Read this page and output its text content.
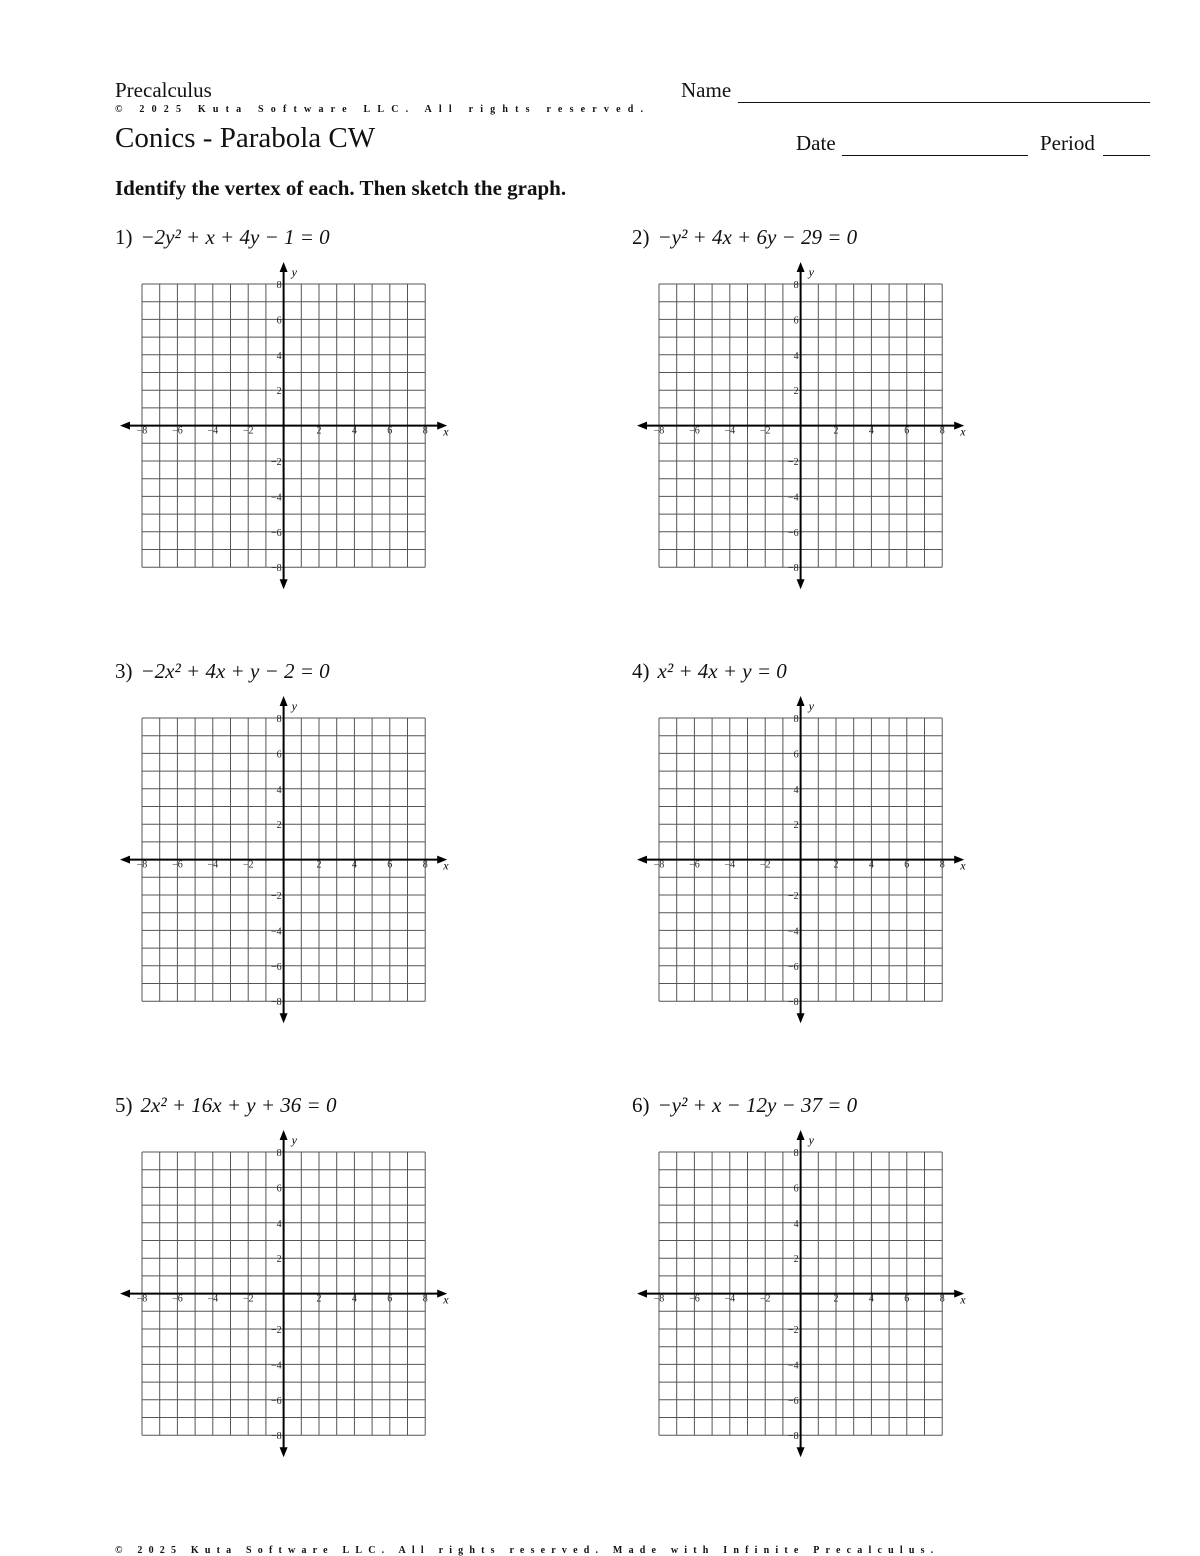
Precalculus	Name
© 2025 Kuta Software LLC. All rights reserved.
Conics - Parabola CW	Date	Period
Identify the vertex of each. Then sketch the graph.
1) −2y² + x + 4y − 1 = 0	2) −y² + 4x + 6y − 29 = 0
3) −2x² + 4x + y − 2 = 0	4) x² + 4x + y = 0
5) 2x² + 16x + y + 36 = 0	6) −y² + x − 12y − 37 = 0
−8
−8
−6
−6
−4
−4
−2
−2
2
2
4
4
6
6
8
8
x
y
−8
−8
−6
−6
−4
−4
−2
−2
2
2
4
4
6
6
8
8
x
y
−8
−8
−6
−6
−4
−4
−2
−2
2
2
4
4
6
6
8
8
x
y
−8
−8
−6
−6
−4
−4
−2
−2
2
2
4
4
6
6
8
8
x
y
−8
−8
−6
−6
−4
−4
−2
−2
2
2
4
4
6
6
8
8
x
y
−8
−8
−6
−6
−4
−4
−2
−2
2
2
4
4
6
6
8
8
x
y
© 2025 Kuta Software LLC. All rights reserved. Made with Infinite Precalculus.
